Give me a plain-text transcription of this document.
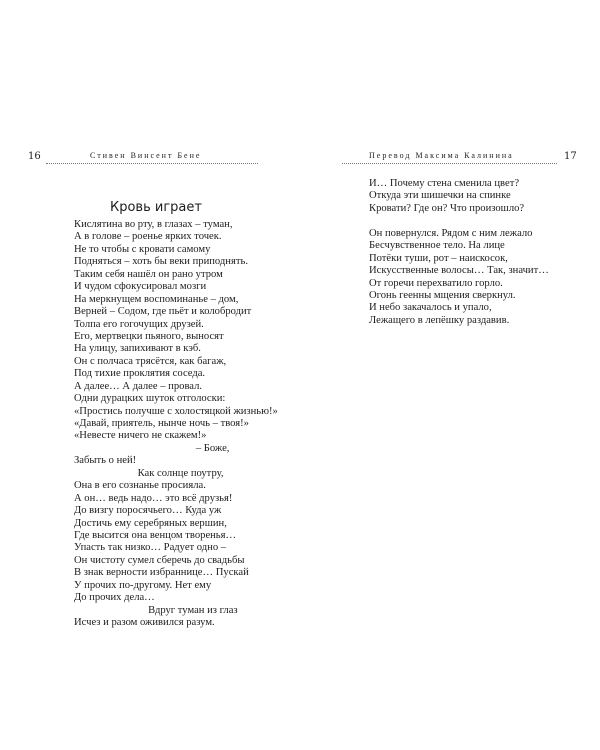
16	Стивен Винсент Бене
Кровь играет
Кислятина во рту, в глазах – туман,
А в голове – роенье ярких точек.
Не то чтобы с кровати самому
Подняться – хоть бы веки приподнять.
Таким себя нашёл он рано утром
И чудом сфокусировал мозги
На меркнущем воспоминанье – дом,
Верней – Содом, где пьёт и колобродит
Толпа его гогочущих друзей.
Его, мертвецки пьяного, выносят
На улицу, запихивают в кэб.
Он с полчаса трясётся, как багаж,
Под тихие проклятия соседа.
А далее… А далее – провал.
Одни дурацких шуток отголоски:
«Простись получше с холостяцкой жизнью!»
«Давай, приятель, нынче ночь – твоя!»
«Невесте ничего не скажем!»
– Боже,
Забыть о ней!
Как солнце поутру,
Она в его сознанье просияла.
А он… ведь надо… это всё друзья!
До визгу поросячьего… Куда уж
Достичь ему серебряных вершин,
Где высится она венцом творенья…
Упасть так низко… Радует одно –
Он чистоту сумел сберечь до свадьбы
В знак верности избраннице… Пускай
У прочих по-другому. Нет ему
До прочих дела…
Вдруг туман из глаз
Исчез и разом оживился разум.
Перевод Максима Калинина	17
И… Почему стена сменила цвет?
Откуда эти шишечки на спинке
Кровати? Где он? Что произошло?
Он повернулся. Рядом с ним лежало
Бесчувственное тело. На лице
Потёки туши, рот – наискосок,
Искусственные волосы… Так, значит…
От горечи перехватило горло.
Огонь геенны мщения сверкнул.
И небо закачалось и упало,
Лежащего в лепёшку раздавив.
